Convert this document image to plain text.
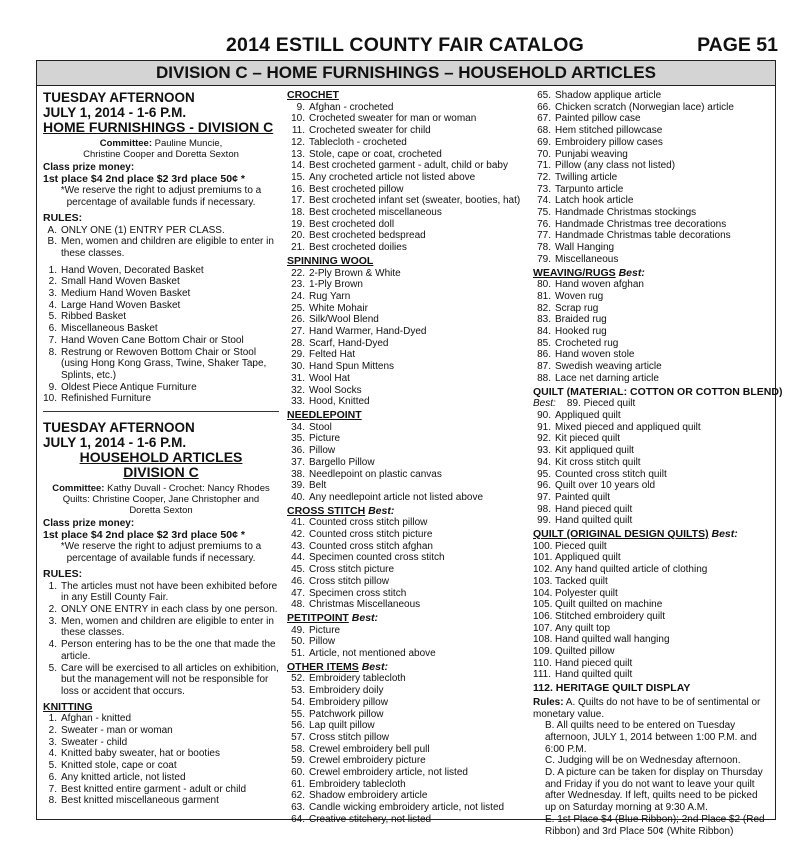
2014 ESTILL COUNTY FAIR CATALOG	PAGE 51
DIVISION C – HOME FURNISHINGS – HOUSEHOLD ARTICLES
TUESDAY AFTERNOON
JULY 1, 2014 - 1-6 P.M.
HOME FURNISHINGS - DIVISION C
Committee: Pauline Muncie,
Christine Cooper and Doretta Sexton
Class prize money:
1st place $4 2nd place $2 3rd place 50¢ *
*We reserve the right to adjust premiums to a
percentage of available funds if necessary.
RULES:
A. ONLY ONE (1) ENTRY PER CLASS.
B. Men, women and children are eligible to enter in these classes.
1. Hand Woven, Decorated Basket
2. Small Hand Woven Basket
3. Medium Hand Woven Basket
4. Large Hand Woven Basket
5. Ribbed Basket
6. Miscellaneous Basket
7. Hand Woven Cane Bottom Chair or Stool
8. Restrung or Rewoven Bottom Chair or Stool (using Hong Kong Grass, Twine, Shaker Tape, Splints, etc.)
9. Oldest Piece Antique Furniture
10. Refinished Furniture
TUESDAY AFTERNOON
JULY 1, 2014 - 1-6 P.M.
HOUSEHOLD ARTICLES
DIVISION C
Committee: Kathy Duvall - Crochet: Nancy Rhodes
Quilts: Christine Cooper, Jane Christopher and
Doretta Sexton
Class prize money:
1st place $4 2nd place $2 3rd place 50¢ *
*We reserve the right to adjust premiums to a
percentage of available funds if necessary.
RULES:
1. The articles must not have been exhibited before in any Estill County Fair.
2. ONLY ONE ENTRY in each class by one person.
3. Men, women and children are eligible to enter in these classes.
4. Person entering has to be the one that made the article.
5. Care will be exercised to all articles on exhibition, but the management will not be responsible for loss or accident that occurs.
KNITTING
1. Afghan - knitted
2. Sweater - man or woman
3. Sweater - child
4. Knitted baby sweater, hat or booties
5. Knitted stole, cape or coat
6. Any knitted article, not listed
7. Best knitted entire garment - adult or child
8. Best knitted miscellaneous garment
CROCHET
9. Afghan - crocheted
10. Crocheted sweater for man or woman
11. Crocheted sweater for child
12. Tablecloth - crocheted
13. Stole, cape or coat, crocheted
14. Best crocheted garment - adult, child or baby
15. Any crocheted article not listed above
16. Best crocheted pillow
17. Best crocheted infant set (sweater, booties, hat)
18. Best crocheted miscellaneous
19. Best crocheted doll
20. Best crocheted bedspread
21. Best crocheted doilies
SPINNING WOOL
22. 2-Ply Brown & White
23. 1-Ply Brown
24. Rug Yarn
25. White Mohair
26. Silk/Wool Blend
27. Hand Warmer, Hand-Dyed
28. Scarf, Hand-Dyed
29. Felted Hat
30. Hand Spun Mittens
31. Wool Hat
32. Wool Socks
33. Hood, Knitted
NEEDLEPOINT
34. Stool
35. Picture
36. Pillow
37. Bargello Pillow
38. Needlepoint on plastic canvas
39. Belt
40. Any needlepoint article not listed above
CROSS STITCH Best:
41. Counted cross stitch pillow
42. Counted cross stitch picture
43. Counted cross stitch afghan
44. Specimen counted cross stitch
45. Cross stitch picture
46. Cross stitch pillow
47. Specimen cross stitch
48. Christmas Miscellaneous
PETITPOINT Best:
49. Picture
50. Pillow
51. Article, not mentioned above
OTHER ITEMS Best:
52. Embroidery tablecloth
53. Embroidery doily
54. Embroidery pillow
55. Patchwork pillow
56. Lap quilt pillow
57. Cross stitch pillow
58. Crewel embroidery bell pull
59. Crewel embroidery picture
60. Crewel embroidery article, not listed
61. Embroidery tablecloth
62. Shadow embroidery article
63. Candle wicking embroidery article, not listed
64. Creative stitchery, not listed
65. Shadow applique article
66. Chicken scratch (Norwegian lace) article
67. Painted pillow case
68. Hem stitched pillowcase
69. Embroidery pillow cases
70. Punjabi weaving
71. Pillow (any class not listed)
72. Twilling article
73. Tarpunto article
74. Latch hook article
75. Handmade Christmas stockings
76. Handmade Christmas tree decorations
77. Handmade Christmas table decorations
78. Wall Hanging
79. Miscellaneous
WEAVING/RUGS Best:
80. Hand woven afghan
81. Woven rug
82. Scrap rug
83. Braided rug
84. Hooked rug
85. Crocheted rug
86. Hand woven stole
87. Swedish weaving article
88. Lace net darning article
QUILT (MATERIAL: COTTON OR COTTON BLEND)
Best: 89. Pieced quilt
90. Appliqued quilt
91. Mixed pieced and appliqued quilt
92. Kit pieced quilt
93. Kit appliqued quilt
94. Kit cross stitch quilt
95. Counted cross stitch quilt
96. Quilt over 10 years old
97. Painted quilt
98. Hand pieced quilt
99. Hand quilted quilt
QUILT (ORIGINAL DESIGN QUILTS) Best:
100. Pieced quilt
101. Appliqued quilt
102. Any hand quilted article of clothing
103. Tacked quilt
104. Polyester quilt
105. Quilt quilted on machine
106. Stitched embroidery quilt
107. Any quilt top
108. Hand quilted wall hanging
109. Quilted pillow
110. Hand pieced quilt
111. Hand quilted quilt
112. HERITAGE QUILT DISPLAY
Rules: A. Quilts do not have to be of sentimental or monetary value.
B. All quilts need to be entered on Tuesday afternoon, JULY 1, 2014 between 1:00 P.M. and 6:00 P.M.
C. Judging will be on Wednesday afternoon.
D. A picture can be taken for display on Thursday and Friday if you do not want to leave your quilt after Wednesday. If left, quilts need to be picked up on Saturday morning at 9:30 A.M.
E. 1st Place $4 (Blue Ribbon); 2nd Place $2 (Red Ribbon) and 3rd Place 50¢ (White Ribbon)
